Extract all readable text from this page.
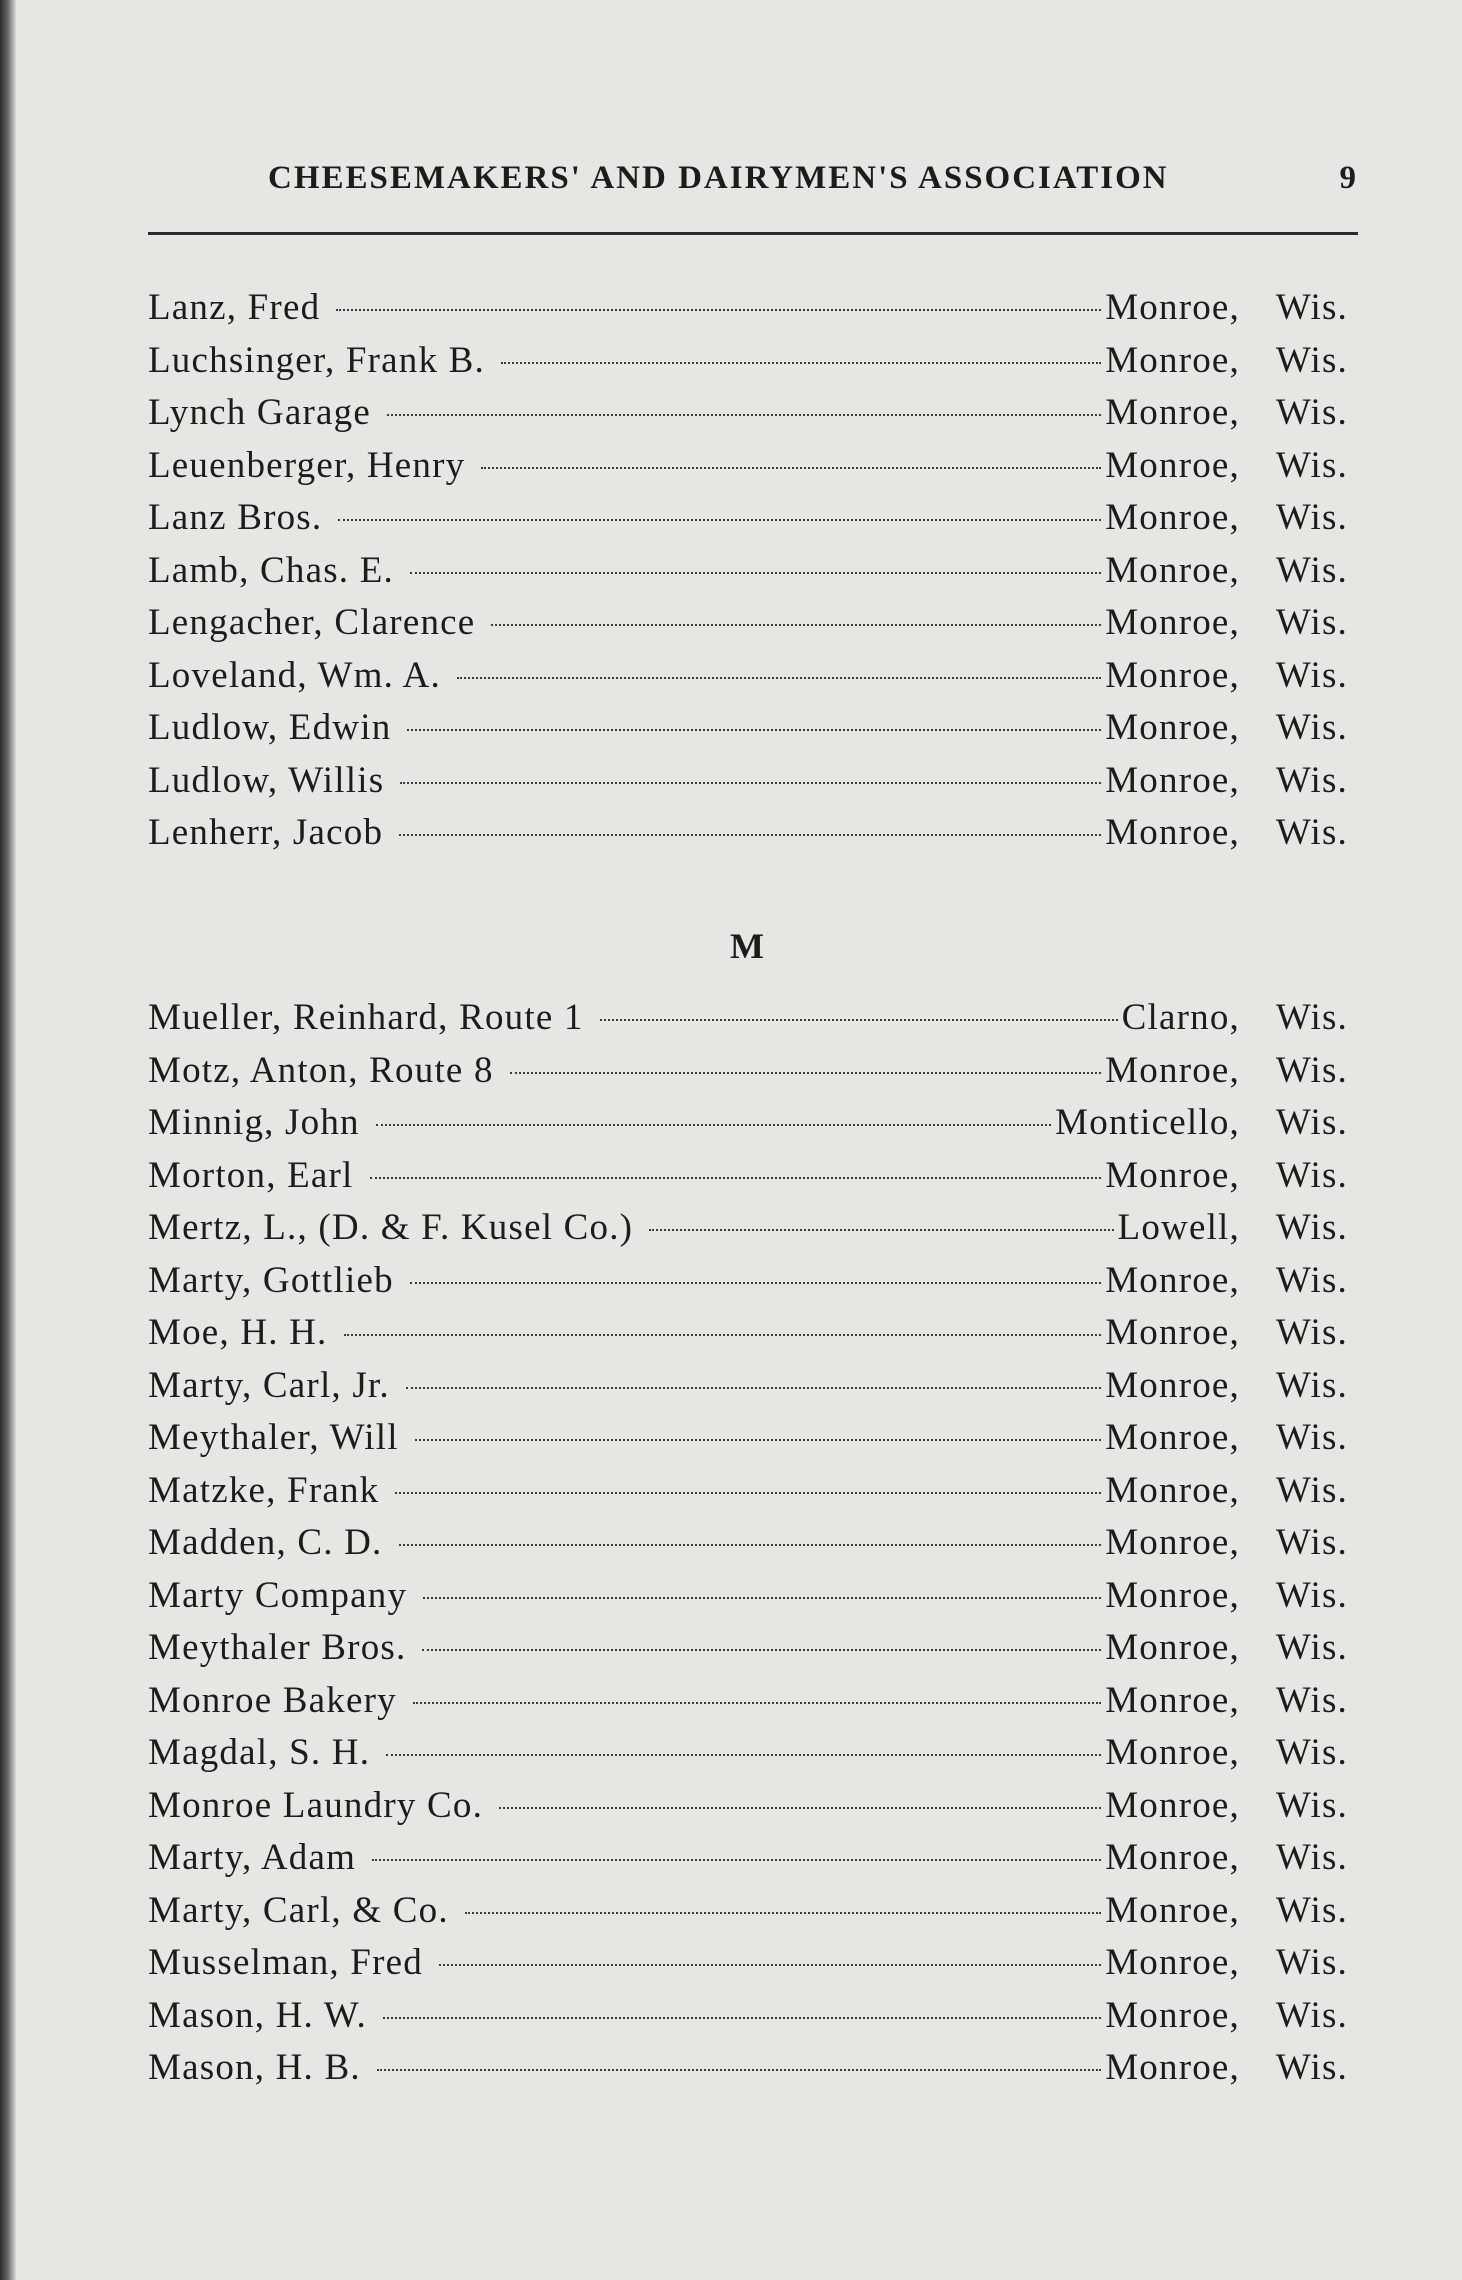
CHEESEMAKERS' AND DAIRYMEN'S ASSOCIATION	9
Lanz, Fred	Monroe, Wis.
Luchsinger, Frank B.	Monroe, Wis.
Lynch Garage	Monroe, Wis.
Leuenberger, Henry	Monroe, Wis.
Lanz Bros.	Monroe, Wis.
Lamb, Chas. E.	Monroe, Wis.
Lengacher, Clarence	Monroe, Wis.
Loveland, Wm. A.	Monroe, Wis.
Ludlow, Edwin	Monroe, Wis.
Ludlow, Willis	Monroe, Wis.
Lenherr, Jacob	Monroe, Wis.
M
Mueller, Reinhard, Route 1	Clarno, Wis.
Motz, Anton, Route 8	Monroe, Wis.
Minnig, John	Monticello, Wis.
Morton, Earl	Monroe, Wis.
Mertz, L., (D. & F. Kusel Co.)	Lowell, Wis.
Marty, Gottlieb	Monroe, Wis.
Moe, H. H.	Monroe, Wis.
Marty, Carl, Jr.	Monroe, Wis.
Meythaler, Will	Monroe, Wis.
Matzke, Frank	Monroe, Wis.
Madden, C. D.	Monroe, Wis.
Marty Company	Monroe, Wis.
Meythaler Bros.	Monroe, Wis.
Monroe Bakery	Monroe, Wis.
Magdal, S. H.	Monroe, Wis.
Monroe Laundry Co.	Monroe, Wis.
Marty, Adam	Monroe, Wis.
Marty, Carl, & Co.	Monroe, Wis.
Musselman, Fred	Monroe, Wis.
Mason, H. W.	Monroe, Wis.
Mason, H. B.	Monroe, Wis.
